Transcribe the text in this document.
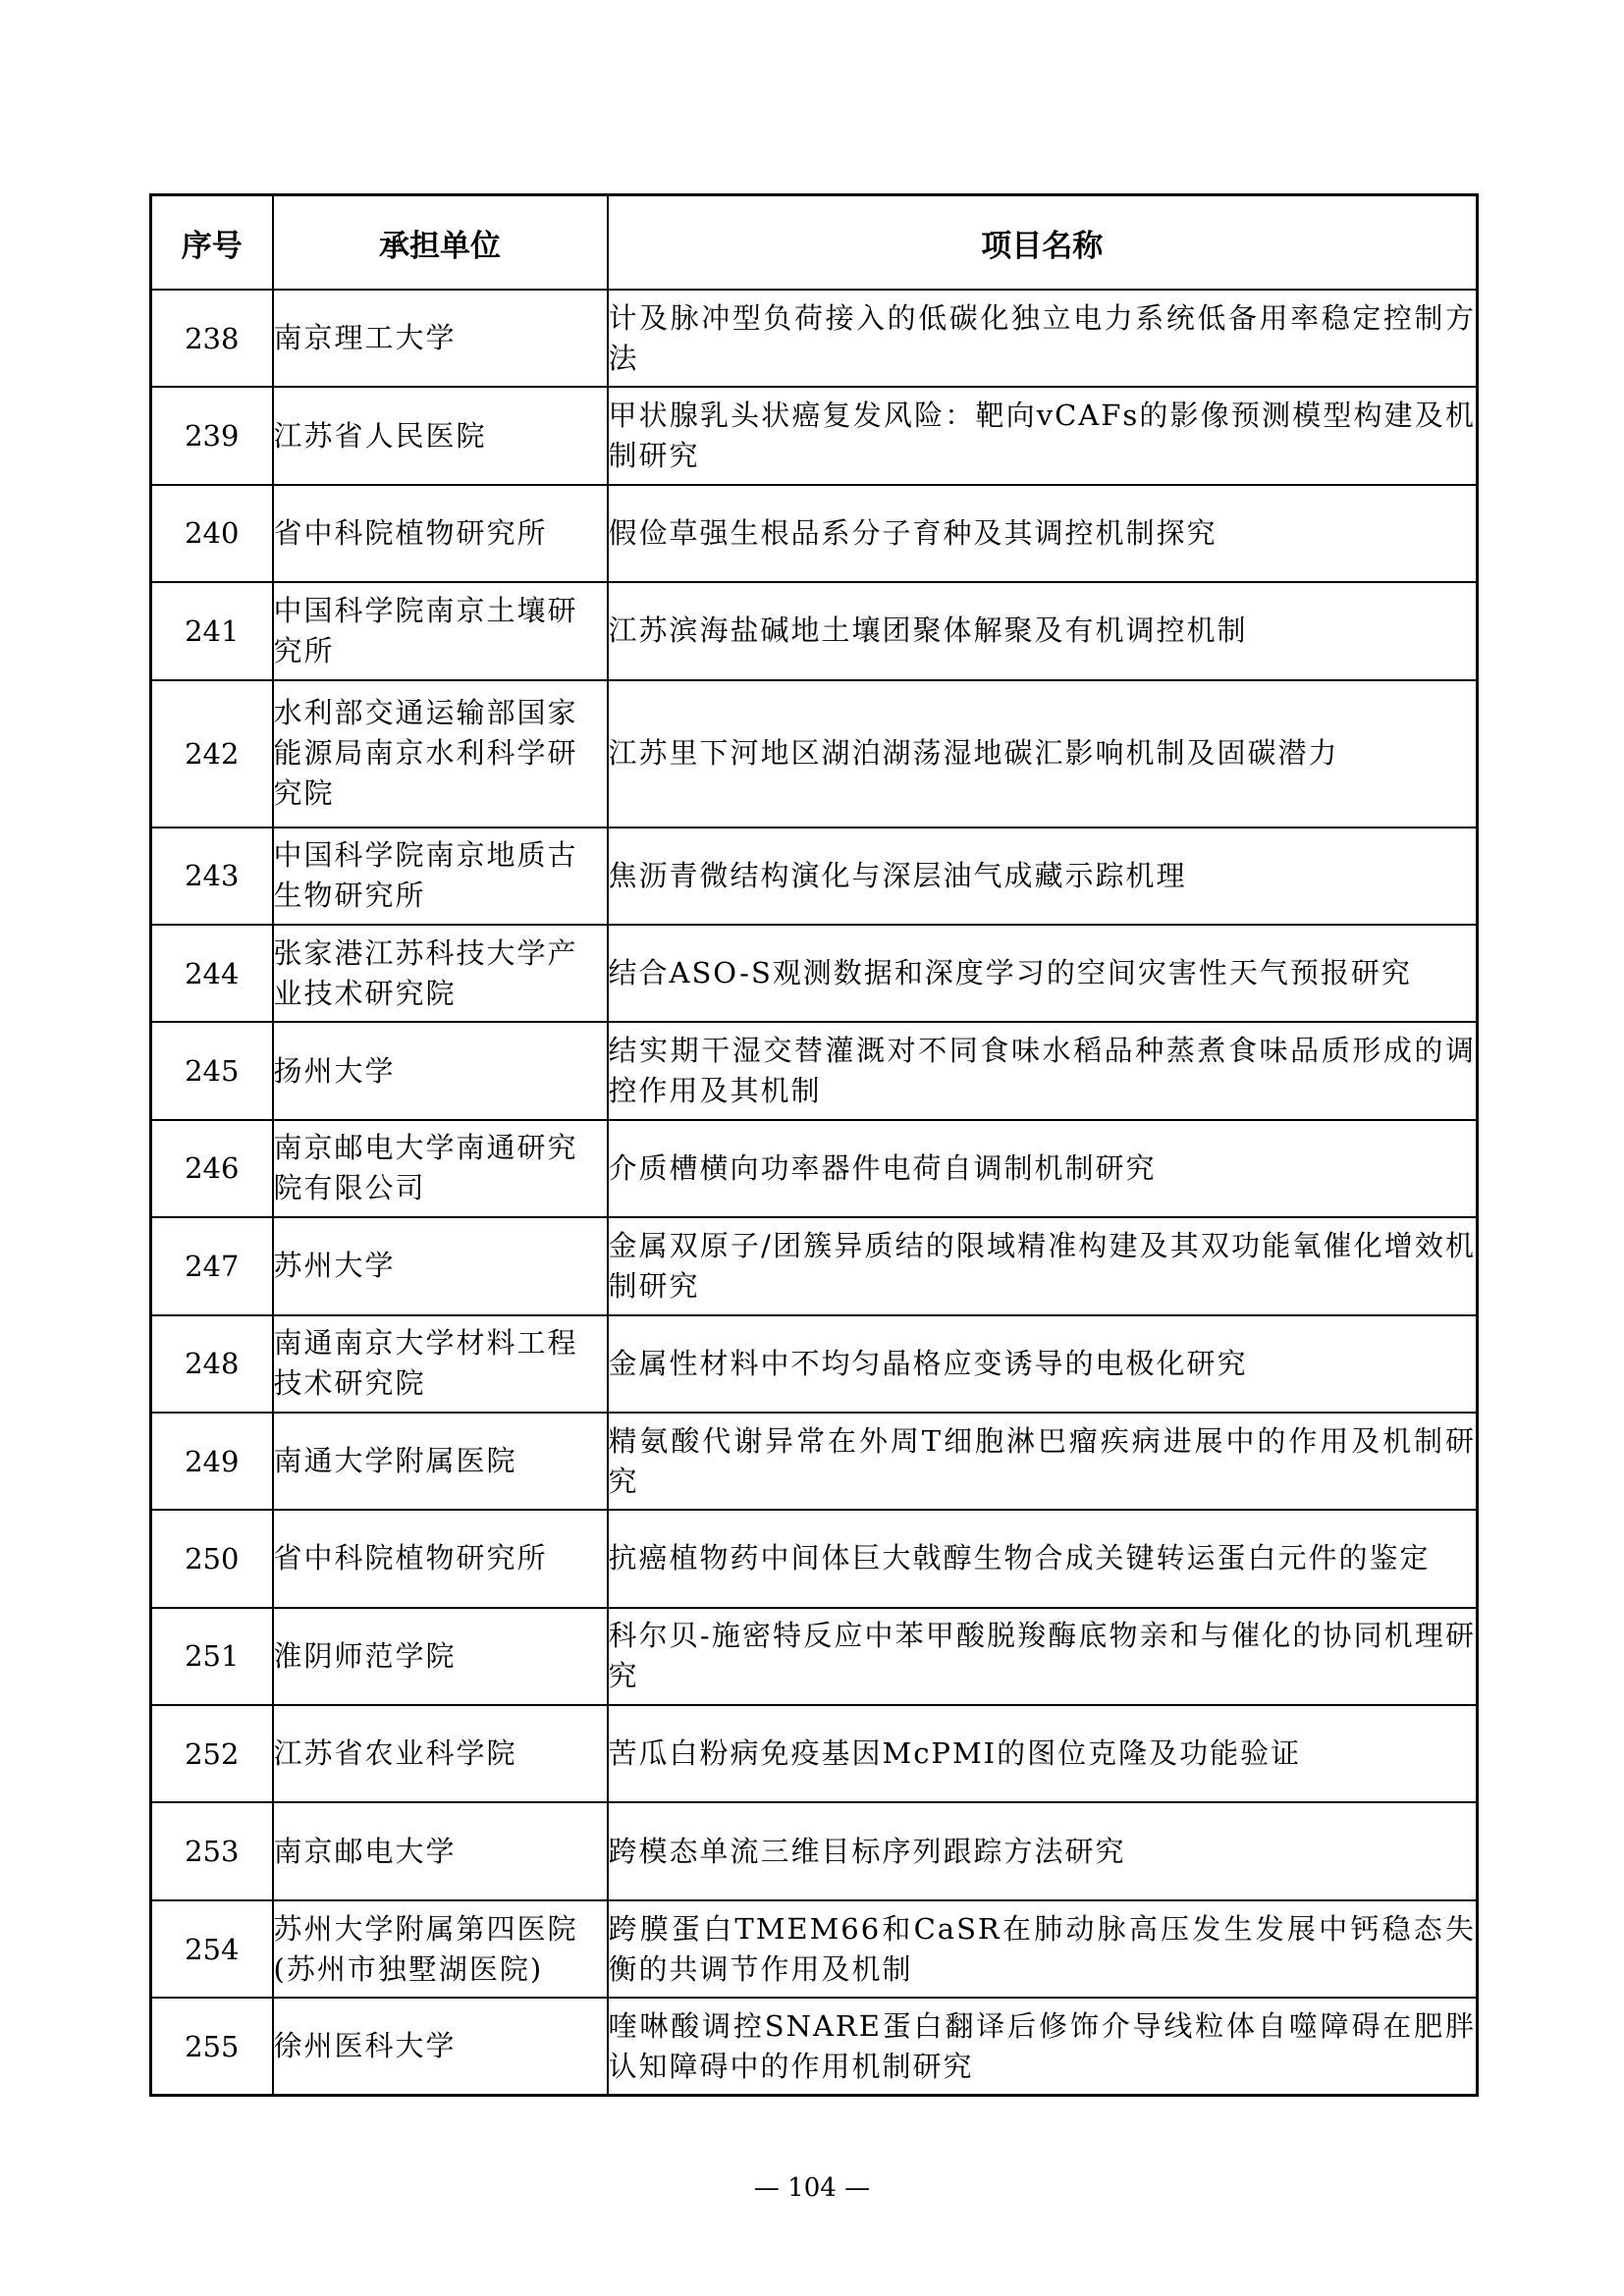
序号	承担单位	项目名称
238	南京理工大学	计及脉冲型负荷接入的低碳化独立电力系统低备用率稳定控制方法
239	江苏省人民医院	甲状腺乳头状癌复发风险：靶向vCAFs的影像预测模型构建及机制研究
240	省中科院植物研究所	假俭草强生根品系分子育种及其调控机制探究
241	中国科学院南京土壤研究所	江苏滨海盐碱地土壤团聚体解聚及有机调控机制
242	水利部交通运输部国家能源局南京水利科学研究院	江苏里下河地区湖泊湖荡湿地碳汇影响机制及固碳潜力
243	中国科学院南京地质古生物研究所	焦沥青微结构演化与深层油气成藏示踪机理
244	张家港江苏科技大学产业技术研究院	结合ASO-S观测数据和深度学习的空间灾害性天气预报研究
245	扬州大学	结实期干湿交替灌溉对不同食味水稻品种蒸煮食味品质形成的调控作用及其机制
246	南京邮电大学南通研究院有限公司	介质槽横向功率器件电荷自调制机制研究
247	苏州大学	金属双原子/团簇异质结的限域精准构建及其双功能氧催化增效机制研究
248	南通南京大学材料工程技术研究院	金属性材料中不均匀晶格应变诱导的电极化研究
249	南通大学附属医院	精氨酸代谢异常在外周T细胞淋巴瘤疾病进展中的作用及机制研究
250	省中科院植物研究所	抗癌植物药中间体巨大戟醇生物合成关键转运蛋白元件的鉴定
251	淮阴师范学院	科尔贝-施密特反应中苯甲酸脱羧酶底物亲和与催化的协同机理研究
252	江苏省农业科学院	苦瓜白粉病免疫基因McPMI的图位克隆及功能验证
253	南京邮电大学	跨模态单流三维目标序列跟踪方法研究
254	苏州大学附属第四医院(苏州市独墅湖医院)	跨膜蛋白TMEM66和CaSR在肺动脉高压发生发展中钙稳态失衡的共调节作用及机制
255	徐州医科大学	喹啉酸调控SNARE蛋白翻译后修饰介导线粒体自噬障碍在肥胖认知障碍中的作用机制研究
— 104 —
